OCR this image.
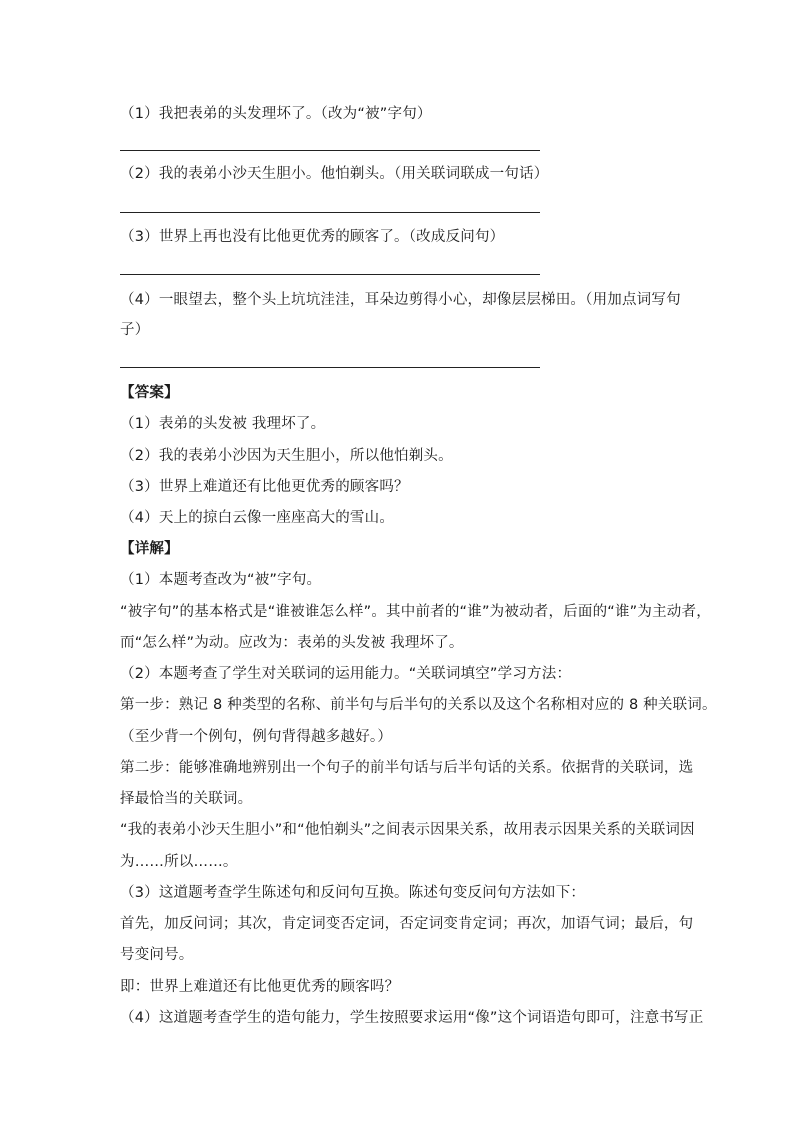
（1）我把表弟的头发理坏了。（改为“被”字句）
（2）我的表弟小沙天生胆小。他怕剃头。（用关联词联成一句话）
（3）世界上再也没有比他更优秀的顾客了。（改成反问句）
（4）一眼望去，整个头上坑坑洼洼，耳朵边剪得小心，却像层层梯田。（用加点词写句
子）
【答案】
（1）表弟的头发被 我理坏了。
（2）我的表弟小沙因为天生胆小，所以他怕剃头。
（3）世界上难道还有比他更优秀的顾客吗？
（4）天上的掠白云像一座座高大的雪山。
【详解】
（1）本题考查改为“被”字句。
“被字句”的基本格式是“谁被谁怎么样”。其中前者的“谁”为被动者，后面的“谁”为主动者，
而“怎么样”为动。应改为：表弟的头发被 我理坏了。
（2）本题考查了学生对关联词的运用能力。“关联词填空”学习方法：
第一步：熟记 8 种类型的名称、前半句与后半句的关系以及这个名称相对应的 8 种关联词。
（至少背一个例句，例句背得越多越好。）
第二步：能够准确地辨别出一个句子的前半句话与后半句话的关系。依据背的关联词，选
择最恰当的关联词。
“我的表弟小沙天生胆小”和“他怕剃头”之间表示因果关系，故用表示因果关系的关联词因
为……所以……。
（3）这道题考查学生陈述句和反问句互换。陈述句变反问句方法如下：
首先，加反问词；其次，肯定词变否定词，否定词变肯定词；再次，加语气词；最后，句
号变问号。
即：世界上难道还有比他更优秀的顾客吗？
（4）这道题考查学生的造句能力，学生按照要求运用“像”这个词语造句即可，注意书写正
